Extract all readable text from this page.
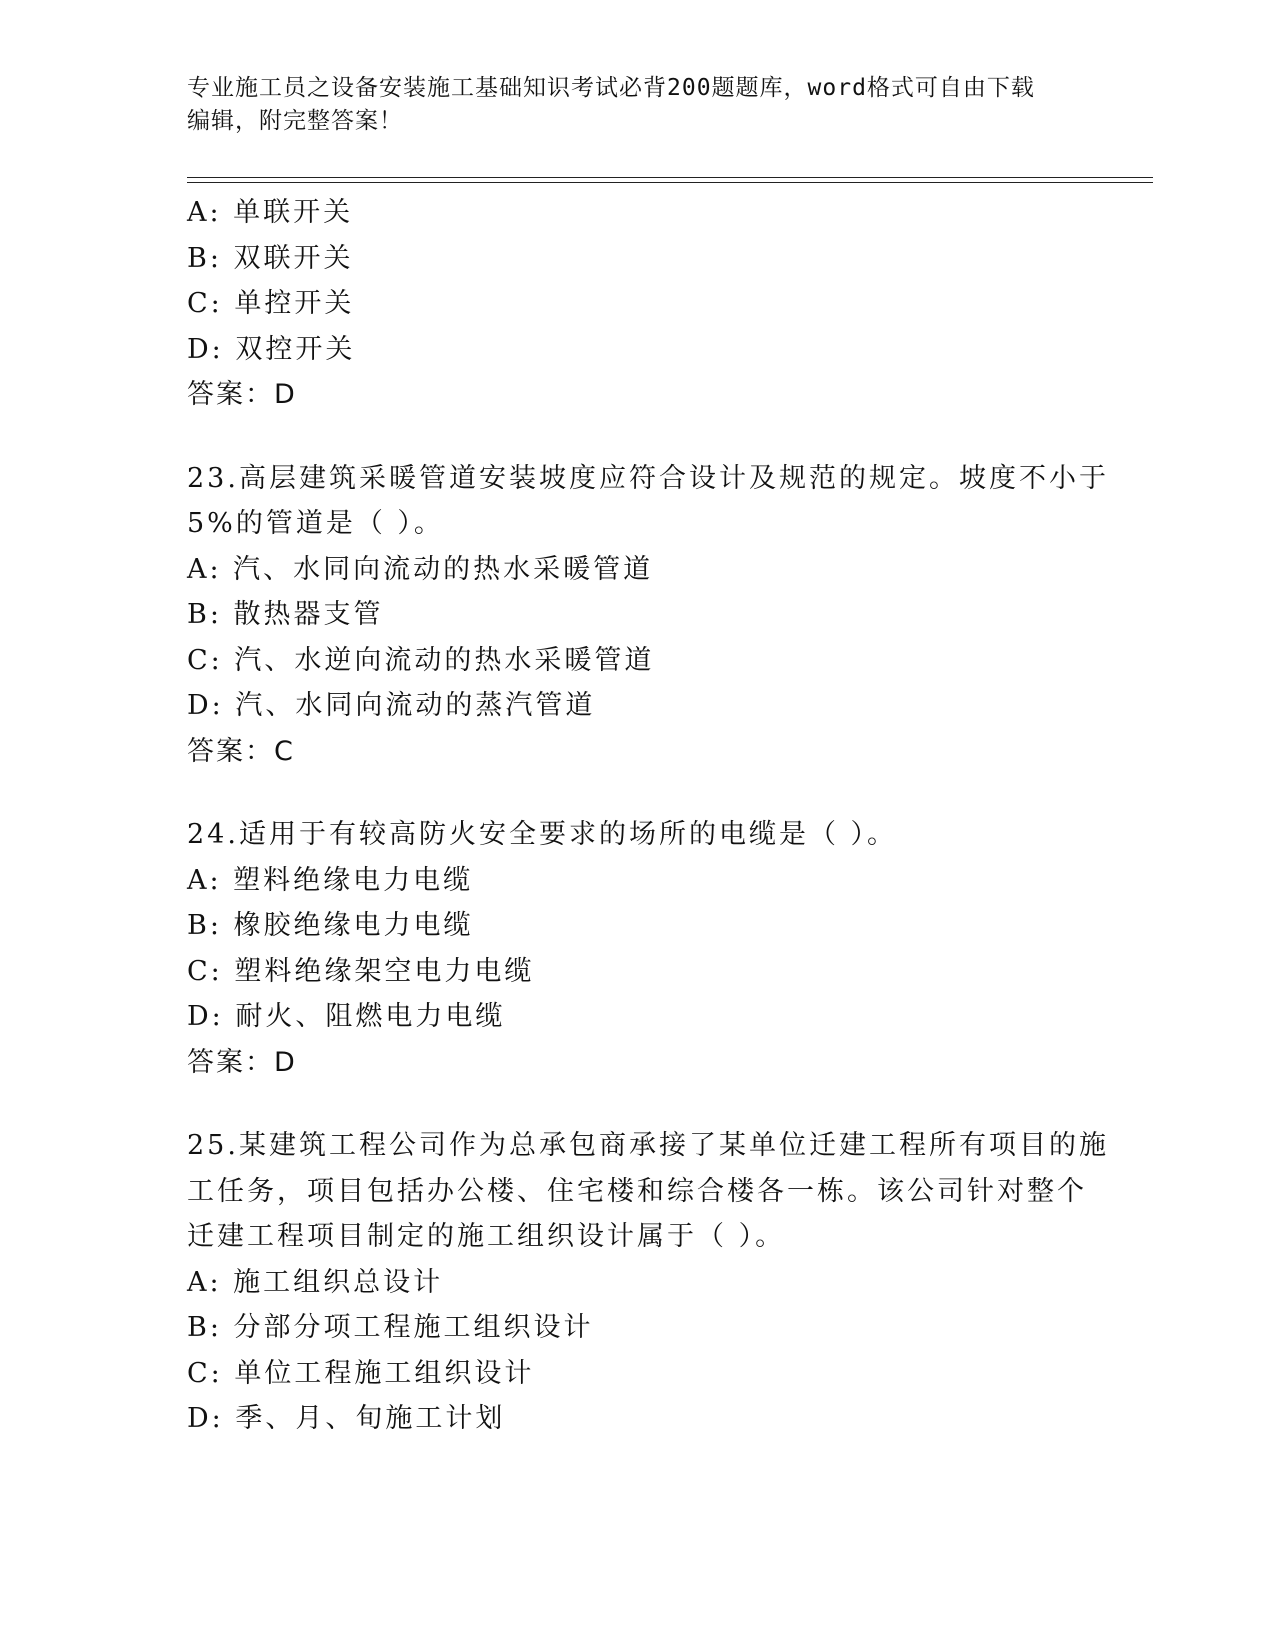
专业施工员之设备安装施工基础知识考试必背200题题库，word格式可自由下载
编辑，附完整答案！
A: 单联开关
B: 双联开关
C: 单控开关
D: 双控开关
答案：D
23.高层建筑采暖管道安装坡度应符合设计及规范的规定。坡度不小于
5%的管道是（ ）。
A: 汽、水同向流动的热水采暖管道
B: 散热器支管
C: 汽、水逆向流动的热水采暖管道
D: 汽、水同向流动的蒸汽管道
答案：C
24.适用于有较高防火安全要求的场所的电缆是（ ）。
A: 塑料绝缘电力电缆
B: 橡胶绝缘电力电缆
C: 塑料绝缘架空电力电缆
D: 耐火、阻燃电力电缆
答案：D
25.某建筑工程公司作为总承包商承接了某单位迁建工程所有项目的施
工任务，项目包括办公楼、住宅楼和综合楼各一栋。该公司针对整个
迁建工程项目制定的施工组织设计属于（ ）。
A: 施工组织总设计
B: 分部分项工程施工组织设计
C: 单位工程施工组织设计
D: 季、月、旬施工计划
